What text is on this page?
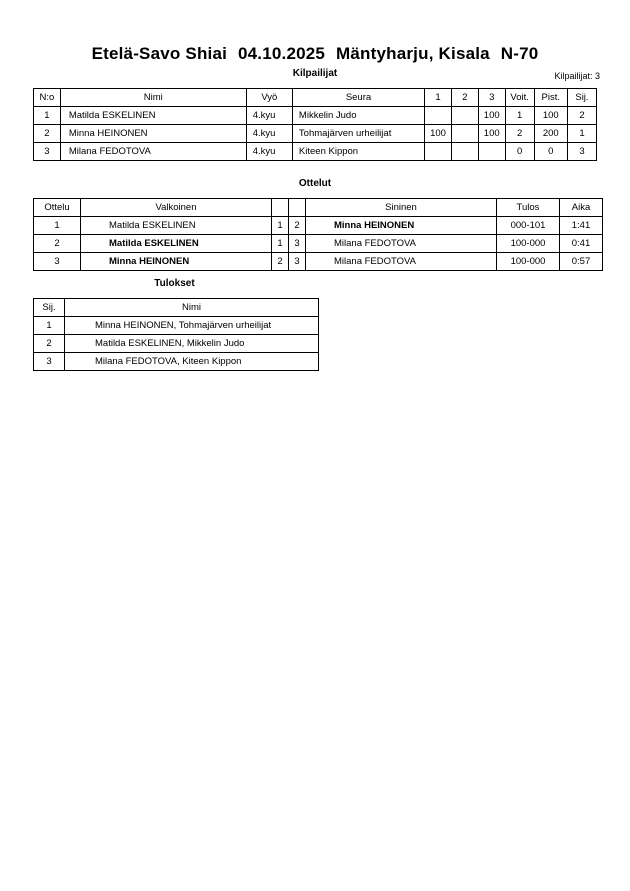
Etelä-Savo Shiai 04.10.2025 Mäntyharju, Kisala N-70
Kilpailijat	Kilpailijat: 3
N:o	Nimi	Vyö	Seura	1	2	3	Voit.	Pist.	Sij.
1	Matilda ESKELINEN	4.kyu	Mikkelin Judo			100	1	100	2
2	Minna HEINONEN	4.kyu	Tohmajärven urheilijat	100		100	2	200	1
3	Milana FEDOTOVA	4.kyu	Kiteen Kippon				0	0	3
Ottelut
Ottelu	Valkoinen			Sininen	Tulos	Aika
1	Matilda ESKELINEN	1	2	Minna HEINONEN	000-101	1:41
2	Matilda ESKELINEN	1	3	Milana FEDOTOVA	100-000	0:41
3	Minna HEINONEN	2	3	Milana FEDOTOVA	100-000	0:57
Tulokset
Sij.	Nimi
1	Minna HEINONEN, Tohmajärven urheilijat
2	Matilda ESKELINEN, Mikkelin Judo
3	Milana FEDOTOVA, Kiteen Kippon
